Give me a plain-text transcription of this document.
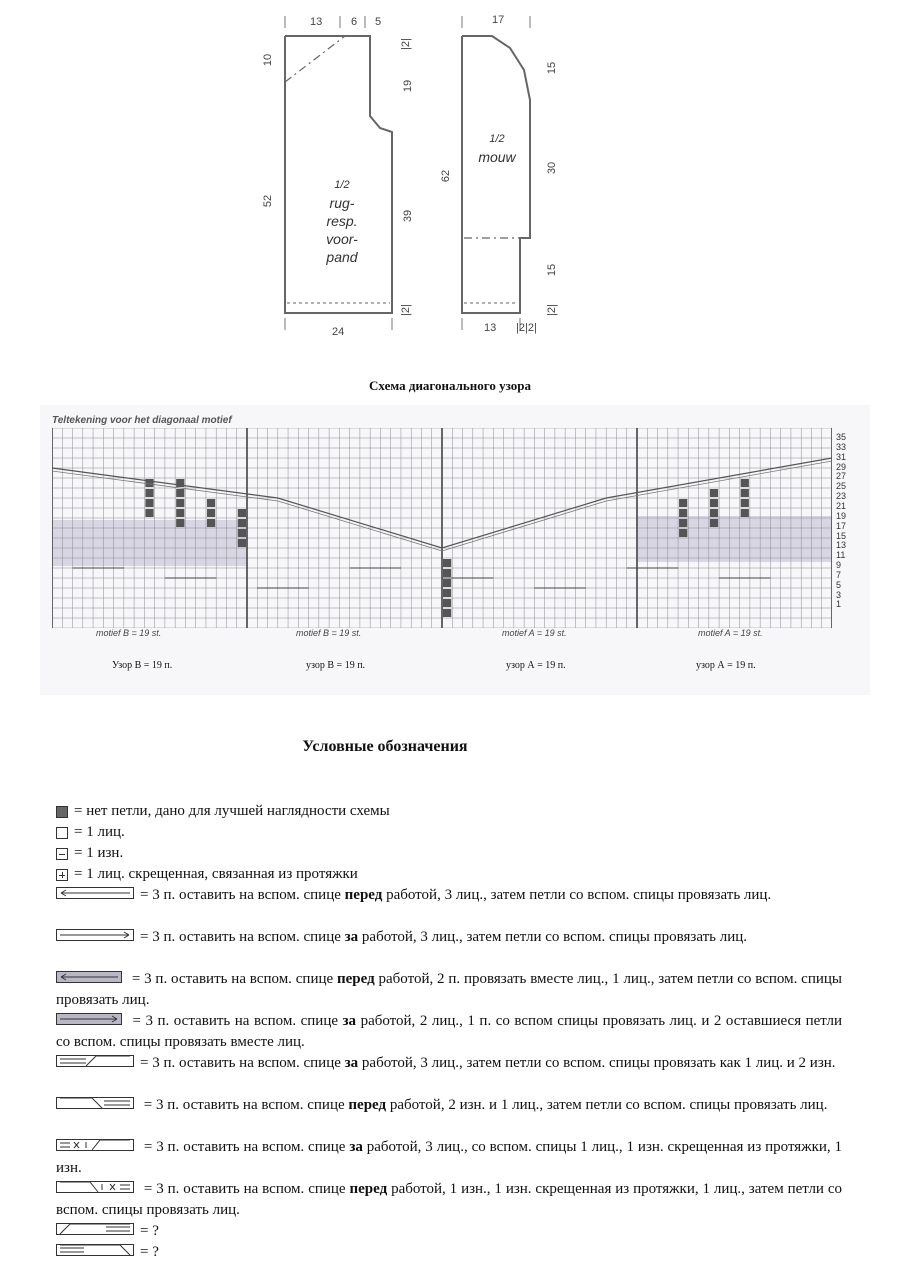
13	6 5
|2|
19
10
52
39
|2|
24
1/2
rug-
resp.
voor-
pand
17
15
62
30
15
|2|
13 |2|2|
1/2
mouw
Схема диагонального узора
Teltekening voor het diagonaal motief
35
33
31
29
27
25
23
21
19
17
15
13
11
9
7
5
3
1
motief B = 19 st.	motief B = 19 st.	motief A = 19 st.	motief A = 19 st.
Узор B = 19 п.	узор B = 19 п.	узор А = 19 п.	узор А = 19 п.
Условные обозначения
= нет петли, дано для лучшей наглядности схемы
= 1 лиц.
= 1 изн.
= 1 лиц. скрещенная, связанная из протяжки
= 3 п. оставить на вспом. спице перед работой, 3 лиц., затем петли со вспом. спицы провязать лиц.
= 3 п. оставить на вспом. спице за работой, 3 лиц., затем петли со вспом. спицы провязать лиц.
= 3 п. оставить на вспом. спице перед работой, 2 п. провязать вместе лиц., 1 лиц., затем петли со вспом. спицы провязать лиц.
= 3 п. оставить на вспом. спице за работой, 2 лиц., 1 п. со вспом спицы провязать лиц. и 2 оставшиеся петли со вспом. спицы провязать вместе лиц.
= 3 п. оставить на вспом. спице за работой, 3 лиц., затем петли со вспом. спицы провязать как 1 лиц. и 2 изн.
= 3 п. оставить на вспом. спице перед работой, 2 изн. и 1 лиц., затем петли со вспом. спицы провязать лиц.
= 3 п. оставить на вспом. спице за работой, 3 лиц., со вспом. спицы 1 лиц., 1 изн. скрещенная из протяжки, 1 изн.
= 3 п. оставить на вспом. спице перед работой, 1 изн., 1 изн. скрещенная из протяжки, 1 лиц., затем петли со вспом. спицы провязать лиц.
= ?
= ?
